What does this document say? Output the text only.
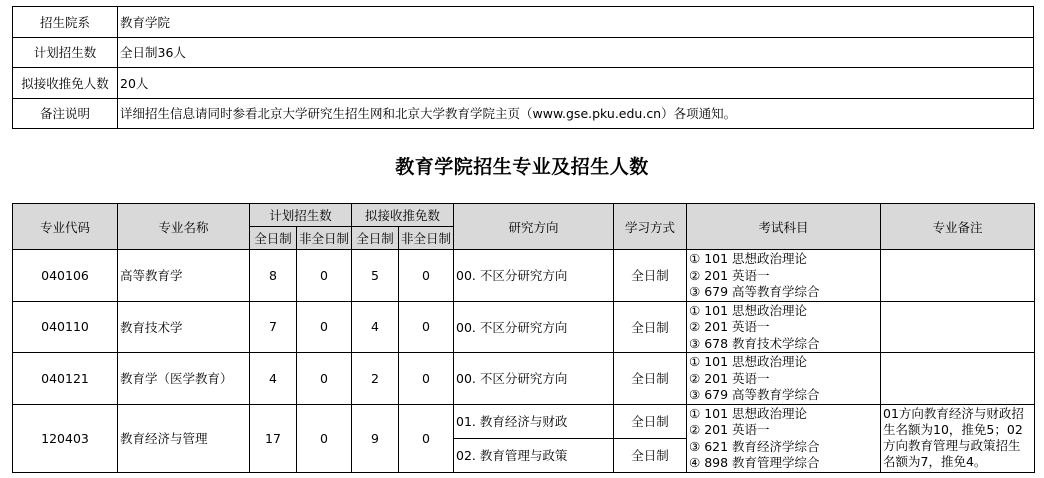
招生院系	教育学院
计划招生数	全日制36人
拟接收推免人数	20人
备注说明	详细招生信息请同时参看北京大学研究生招生网和北京大学教育学院主页（www.gse.pku.edu.cn）各项通知。
教育学院招生专业及招生人数
专业代码	专业名称	计划招生数		拟接收推免数		研究方向	学习方式	考试科目	专业备注
		全日制	非全日制	全日制	非全日制				
040106	高等教育学	8	0	5	0	00. 不区分研究方向	全日制	① 101 思想政治理论
② 201 英语一
③ 679 高等教育学综合	

040110	教育技术学	7	0	4	0	00. 不区分研究方向	全日制	① 101 思想政治理论
② 201 英语一
③ 678 教育技术学综合	

040121	教育学（医学教育）	4	0	2	0	00. 不区分研究方向	全日制	① 101 思想政治理论
② 201 英语一
③ 679 高等教育学综合	

120403	教育经济与管理	17	0	9	0	01. 教育经济与财政	全日制	① 101 思想政治理论
② 201 英语一
③ 621 教育经济学综合
④ 898 教育管理学综合	01方向教育经济与财政招生名额为10，推免5；02方向教育管理与政策招生名额为7，推免4。
						02. 教育管理与政策	全日制		
